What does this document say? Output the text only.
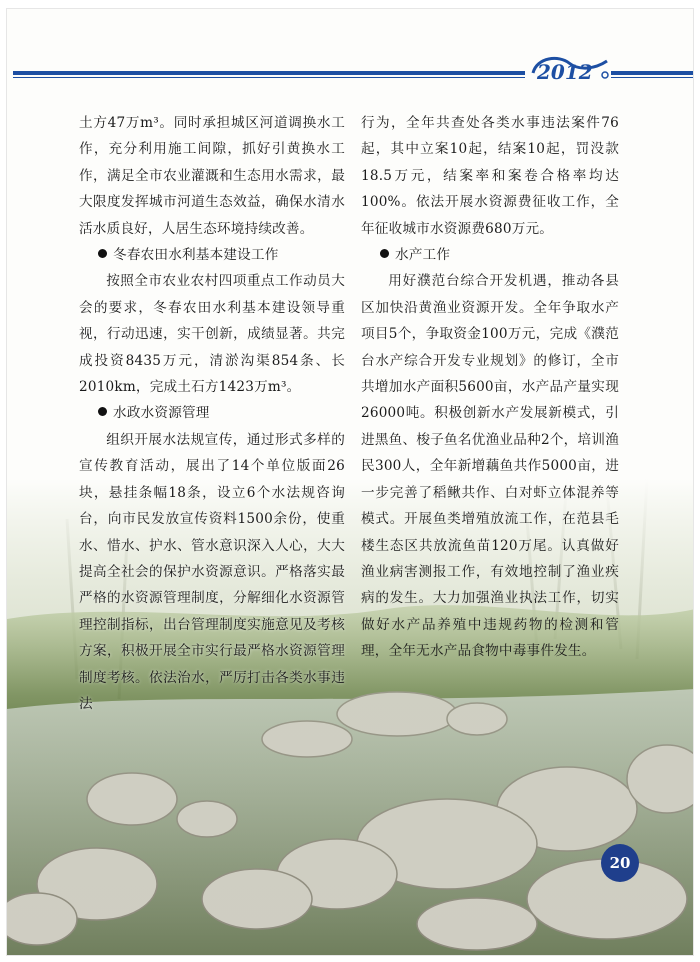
2012
20

土方47万m³。同时承担城区河道调换水工作，充分利用施工间隙，抓好引黄换水工作，满足全市农业灌溉和生态用水需求，最大限度发挥城市河道生态效益，确保水清水活水质良好，人居生态环境持续改善。

冬春农田水利基本建设工作

按照全市农业农村四项重点工作动员大会的要求，冬春农田水利基本建设领导重视，行动迅速，实干创新，成绩显著。共完成投资8435万元，清淤沟渠854条、长2010km，完成土石方1423万m³。

水政水资源管理

组织开展水法规宣传，通过形式多样的宣传教育活动，展出了14个单位版面26块，悬挂条幅18条，设立6个水法规咨询台，向市民发放宣传资料1500余份，使重水、惜水、护水、管水意识深入人心，大大提高全社会的保护水资源意识。严格落实最严格的水资源管理制度，分解细化水资源管理控制指标，出台管理制度实施意见及考核方案，积极开展全市实行最严格水资源管理制度考核。依法治水，严厉打击各类水事违法

行为，全年共查处各类水事违法案件76起，其中立案10起，结案10起，罚没款18.5万元，结案率和案卷合格率均达100%。依法开展水资源费征收工作，全年征收城市水资源费680万元。

水产工作

用好濮范台综合开发机遇，推动各县区加快沿黄渔业资源开发。全年争取水产项目5个，争取资金100万元，完成《濮范台水产综合开发专业规划》的修订，全市共增加水产面积5600亩，水产品产量实现26000吨。积极创新水产发展新模式，引进黑鱼、梭子鱼名优渔业品种2个，培训渔民300人，全年新增藕鱼共作5000亩，进一步完善了稻鳅共作、白对虾立体混养等模式。开展鱼类增殖放流工作，在范县毛楼生态区共放流鱼苗120万尾。认真做好渔业病害测报工作，有效地控制了渔业疾病的发生。大力加强渔业执法工作，切实做好水产品养殖中违规药物的检测和管理，全年无水产品食物中毒事件发生。
